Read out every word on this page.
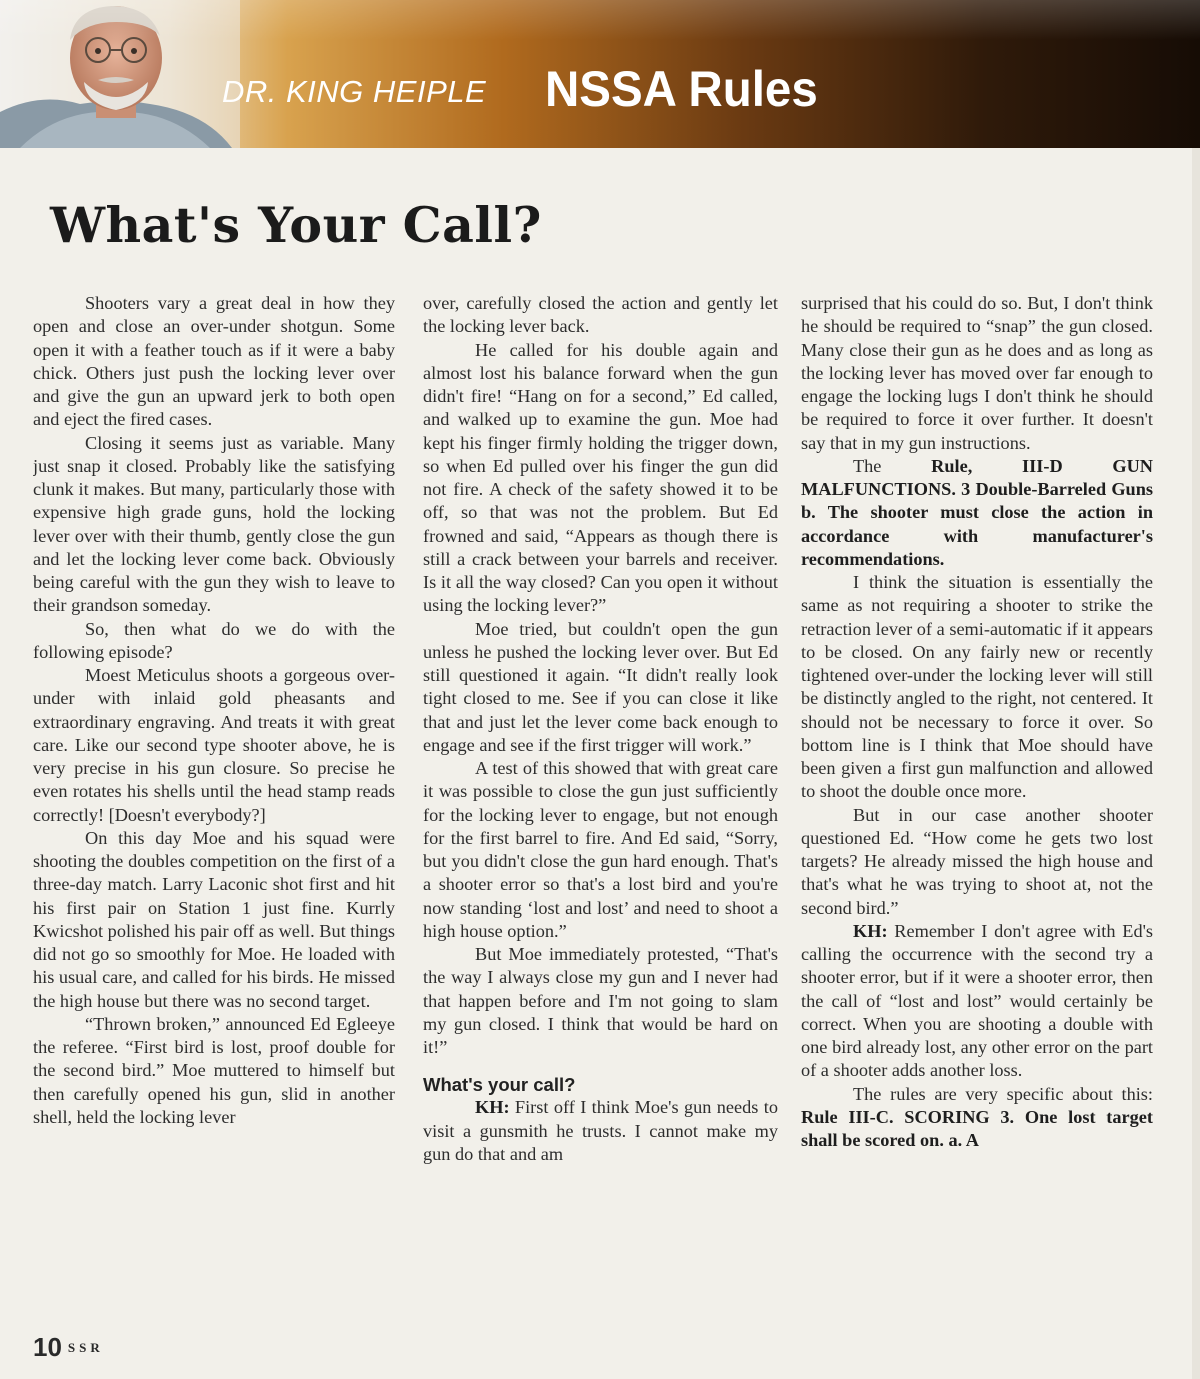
DR. KING HEIPLE NSSA Rules
What's Your Call?

Shooters vary a great deal in how they open and close an over-under shotgun. Some open it with a feather touch as if it were a baby chick. Others just push the locking lever over and give the gun an upward jerk to both open and eject the fired cases.

Closing it seems just as variable. Many just snap it closed. Probably like the satisfying clunk it makes. But many, particularly those with expensive high grade guns, hold the locking lever over with their thumb, gently close the gun and let the locking lever come back. Obviously being careful with the gun they wish to leave to their grandson someday.

So, then what do we do with the following episode?

Moest Meticulus shoots a gorgeous over-under with inlaid gold pheasants and extraordinary engraving. And treats it with great care. Like our second type shooter above, he is very precise in his gun closure. So precise he even rotates his shells until the head stamp reads correctly! [Doesn't everybody?]

On this day Moe and his squad were shooting the doubles competition on the first of a three-day match. Larry Laconic shot first and hit his first pair on Station 1 just fine. Kurrly Kwicshot polished his pair off as well. But things did not go so smoothly for Moe. He loaded with his usual care, and called for his birds. He missed the high house but there was no second target.

“Thrown broken,” announced Ed Egleeye the referee. “First bird is lost, proof double for the second bird.” Moe muttered to himself but then carefully opened his gun, slid in another shell, held the locking lever

over, carefully closed the action and gently let the locking lever back.

He called for his double again and almost lost his balance forward when the gun didn't fire! “Hang on for a second,” Ed called, and walked up to examine the gun. Moe had kept his finger firmly holding the trigger down, so when Ed pulled over his finger the gun did not fire. A check of the safety showed it to be off, so that was not the problem. But Ed frowned and said, “Appears as though there is still a crack between your barrels and receiver. Is it all the way closed? Can you open it without using the locking lever?”

Moe tried, but couldn't open the gun unless he pushed the locking lever over. But Ed still questioned it again. “It didn't really look tight closed to me. See if you can close it like that and just let the lever come back enough to engage and see if the first trigger will work.”

A test of this showed that with great care it was possible to close the gun just sufficiently for the locking lever to engage, but not enough for the first barrel to fire. And Ed said, “Sorry, but you didn't close the gun hard enough. That's a shooter error so that's a lost bird and you're now standing ‘lost and lost’ and need to shoot a high house option.”

But Moe immediately protested, “That's the way I always close my gun and I never had that happen before and I'm not going to slam my gun closed. I think that would be hard on it!”

What's your call?

KH: First off I think Moe's gun needs to visit a gunsmith he trusts. I cannot make my gun do that and am

surprised that his could do so. But, I don't think he should be required to “snap” the gun closed. Many close their gun as he does and as long as the locking lever has moved over far enough to engage the locking lugs I don't think he should be required to force it over further. It doesn't say that in my gun instructions.

The Rule, III-D GUN MALFUNCTIONS. 3 Double-Barreled Guns b. The shooter must close the action in accordance with manufacturer's recommendations.

I think the situation is essentially the same as not requiring a shooter to strike the retraction lever of a semi-automatic if it appears to be closed. On any fairly new or recently tightened over-under the locking lever will still be distinctly angled to the right, not centered. It should not be necessary to force it over. So bottom line is I think that Moe should have been given a first gun malfunction and allowed to shoot the double once more.

But in our case another shooter questioned Ed. “How come he gets two lost targets? He already missed the high house and that's what he was trying to shoot at, not the second bird.”

KH: Remember I don't agree with Ed's calling the occurrence with the second try a shooter error, but if it were a shooter error, then the call of “lost and lost” would certainly be correct. When you are shooting a double with one bird already lost, any other error on the part of a shooter adds another loss.

The rules are very specific about this: Rule III-C. SCORING 3. One lost target shall be scored on. a. A

10 SSR
